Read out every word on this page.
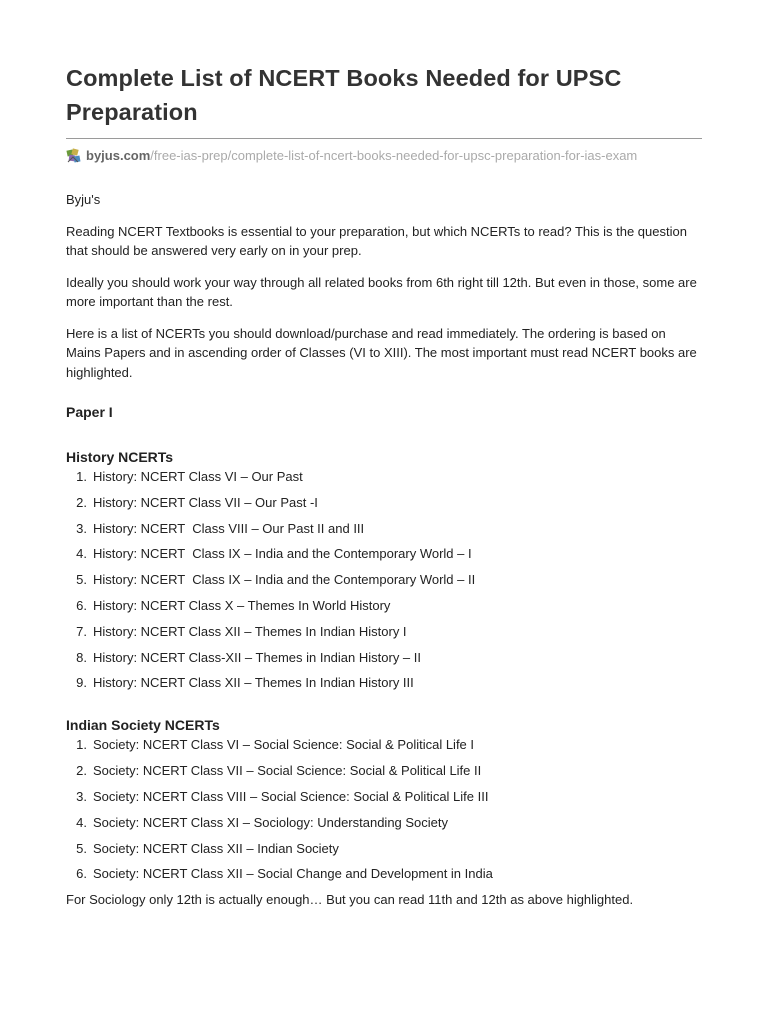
Complete List of NCERT Books Needed for UPSC Preparation
byjus.com /free-ias-prep/complete-list-of-ncert-books-needed-for-upsc-preparation-for-ias-exam

Byju's

Reading NCERT Textbooks is essential to your preparation, but which NCERTs to read? This is the question that should be answered very early on in your prep.

Ideally you should work your way through all related books from 6th right till 12th. But even in those, some are more important than the rest.

Here is a list of NCERTs you should download/purchase and read immediately. The ordering is based on Mains Papers and in ascending order of Classes (VI to XIII). The most important must read NCERT books are highlighted.

Paper I
History NCERTs
1. History: NCERT Class VI – Our Past
2. History: NCERT Class VII – Our Past -I
3. History: NCERT  Class VIII – Our Past II and III
4. History: NCERT  Class IX – India and the Contemporary World – I
5. History: NCERT  Class IX – India and the Contemporary World – II
6. History: NCERT Class X – Themes In World History
7. History: NCERT Class XII – Themes In Indian History I
8. History: NCERT Class-XII – Themes in Indian History – II
9. History: NCERT Class XII – Themes In Indian History III
Indian Society NCERTs
1. Society: NCERT Class VI – Social Science: Social & Political Life I
2. Society: NCERT Class VII – Social Science: Social & Political Life II
3. Society: NCERT Class VIII – Social Science: Social & Political Life III
4. Society: NCERT Class XI – Sociology: Understanding Society
5. Society: NCERT Class XII – Indian Society
6. Society: NCERT Class XII – Social Change and Development in India

For Sociology only 12th is actually enough… But you can read 11th and 12th as above highlighted.
